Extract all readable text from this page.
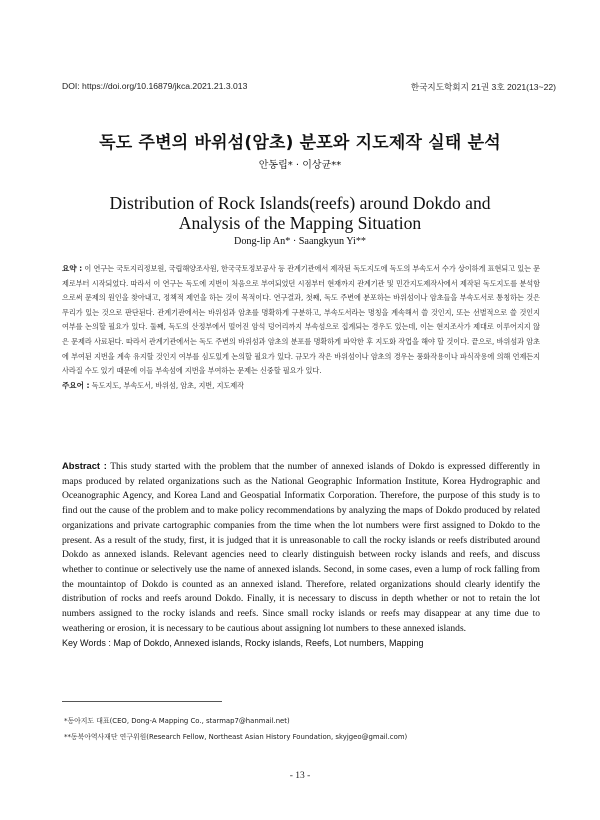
DOI: https://doi.org/10.16879/jkca.2021.21.3.013	한국지도학회지 21권 3호 2021(13~22)
독도 주변의 바위섬(암초) 분포와 지도제작 실태 분석
안동립* · 이상균**
Distribution of Rock Islands(reefs) around Dokdo and
Analysis of the Mapping Situation
Dong-lip An* · Saangkyun Yi**
요약 : 이 연구는 국토지리정보원, 국립해양조사원, 한국국토정보공사 등 관계기관에서 제작된 독도지도에 독도의 부속도서 수가 상이하게 표현되고 있는 문제로부터 시작되었다. 따라서 이 연구는 독도에 지번이 처음으로 부여되었던 시점부터 현재까지 관계기관 및 민간지도제작사에서 제작된 독도지도를 분석함으로써 문제의 원인을 찾아내고, 정책적 제언을 하는 것이 목적이다. 연구결과, 첫째, 독도 주변에 분포하는 바위섬이나 암초들을 부속도서로 통칭하는 것은 무리가 있는 것으로 판단된다. 관계기관에서는 바위섬과 암초를 명확하게 구분하고, 부속도서라는 명칭을 계속해서 쓸 것인지, 또는 선별적으로 쓸 것인지 여부를 논의할 필요가 있다. 둘째, 독도의 산정부에서 떨어진 암석 덩어리까지 부속섬으로 집계되는 경우도 있는데, 이는 현지조사가 제대로 이루어지지 않은 문제라 사료된다. 따라서 관계기관에서는 독도 주변의 바위섬과 암초의 분포를 명확하게 파악한 후 지도화 작업을 해야 할 것이다. 끝으로, 바위섬과 암초에 부여된 지번을 계속 유지할 것인지 여부를 심도있게 논의할 필요가 있다. 규모가 작은 바위섬이나 암초의 경우는 풍화작용이나 파식작용에 의해 언제든지 사라질 수도 있기 때문에 이들 부속섬에 지번을 부여하는 문제는 신중할 필요가 있다.
주요어 : 독도지도, 부속도서, 바위섬, 암초, 지번, 지도제작
Abstract : This study started with the problem that the number of annexed islands of Dokdo is expressed differently in maps produced by related organizations such as the National Geographic Information Institute, Korea Hydrographic and Oceanographic Agency, and Korea Land and Geospatial Informatix Corporation. Therefore, the purpose of this study is to find out the cause of the problem and to make policy recommendations by analyzing the maps of Dokdo produced by related organizations and private cartographic companies from the time when the lot numbers were first assigned to Dokdo to the present. As a result of the study, first, it is judged that it is unreasonable to call the rocky islands or reefs distributed around Dokdo as annexed islands. Relevant agencies need to clearly distinguish between rocky islands and reefs, and discuss whether to continue or selectively use the name of annexed islands. Second, in some cases, even a lump of rock falling from the mountaintop of Dokdo is counted as an annexed island. Therefore, related organizations should clearly identify the distribution of rocks and reefs around Dokdo. Finally, it is necessary to discuss in depth whether or not to retain the lot numbers assigned to the rocky islands and reefs. Since small rocky islands or reefs may disappear at any time due to weathering or erosion, it is necessary to be cautious about assigning lot numbers to these annexed islands.
Key Words : Map of Dokdo, Annexed islands, Rocky islands, Reefs, Lot numbers, Mapping
*동아지도 대표(CEO, Dong-A Mapping Co., starmap7@hanmail.net)
**동북아역사재단 연구위원(Research Fellow, Northeast Asian History Foundation, skyjgeo@gmail.com)
- 13 -
